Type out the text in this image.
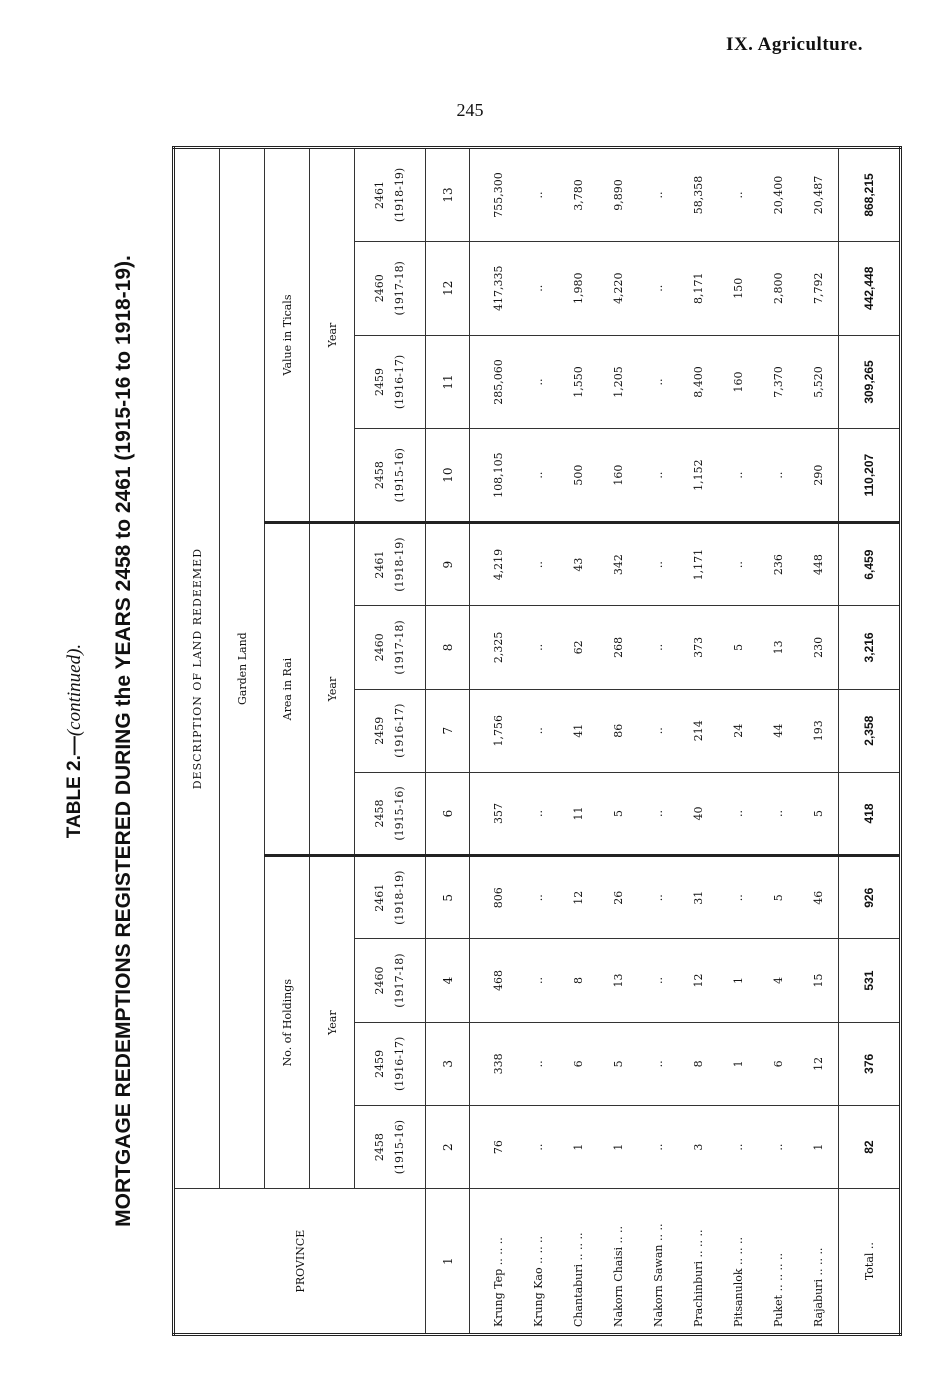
IX. Agriculture.
245
TABLE 2.—(continued). MORTGAGE REDEMPTIONS REGISTERED DURING the YEARS 2458 to 2461 (1915-16 to 1918-19).
PROVINCE	DESCRIPTION OF LAND REDEEMED											
	Garden Land											
	No. of Holdings				Area in Rai				Value in Ticals			
	Year				Year				Year			
	2458 (1915-16)	2459 (1916-17)	2460 (1917-18)	2461 (1918-19)	2458 (1915-16)	2459 (1916-17)	2460 (1917-18)	2461 (1918-19)	2458 (1915-16)	2459 (1916-17)	2460 (1917-18)	2461 (1918-19)
1	2	3	4	5	6	7	8	9	10	11	12	13
Krung Tep .. .. ..	76	338	468	806	357	1,756	2,325	4,219	108,105	285,060	417,335	755,300
Krung Kao .. .. ..	..	..	..	..	..	..	..	..	..	..	..	..
Chantaburi .. .. ..	1	6	8	12	11	41	62	43	500	1,550	1,980	3,780
Nakorn Chaisi .. ..	1	5	13	26	5	86	268	342	160	1,205	4,220	9,890
Nakorn Sawan .. ..	..	..	..	..	..	..	..	..	..	..	..	..
Prachinburi .. .. ..	3	8	12	31	40	214	373	1,171	1,152	8,400	8,171	58,358
Pitsanulok .. .. ..	..	1	1	..	..	24	5	..	..	160	150	..
Puket .. .. .. ..	..	6	4	5	..	44	13	236	..	7,370	2,800	20,400
Rajaburi .. .. ..	1	12	15	46	5	193	230	448	290	5,520	7,792	20,487
Total ..	82	376	531	926	418	2,358	3,216	6,459	110,207	309,265	442,448	868,215
